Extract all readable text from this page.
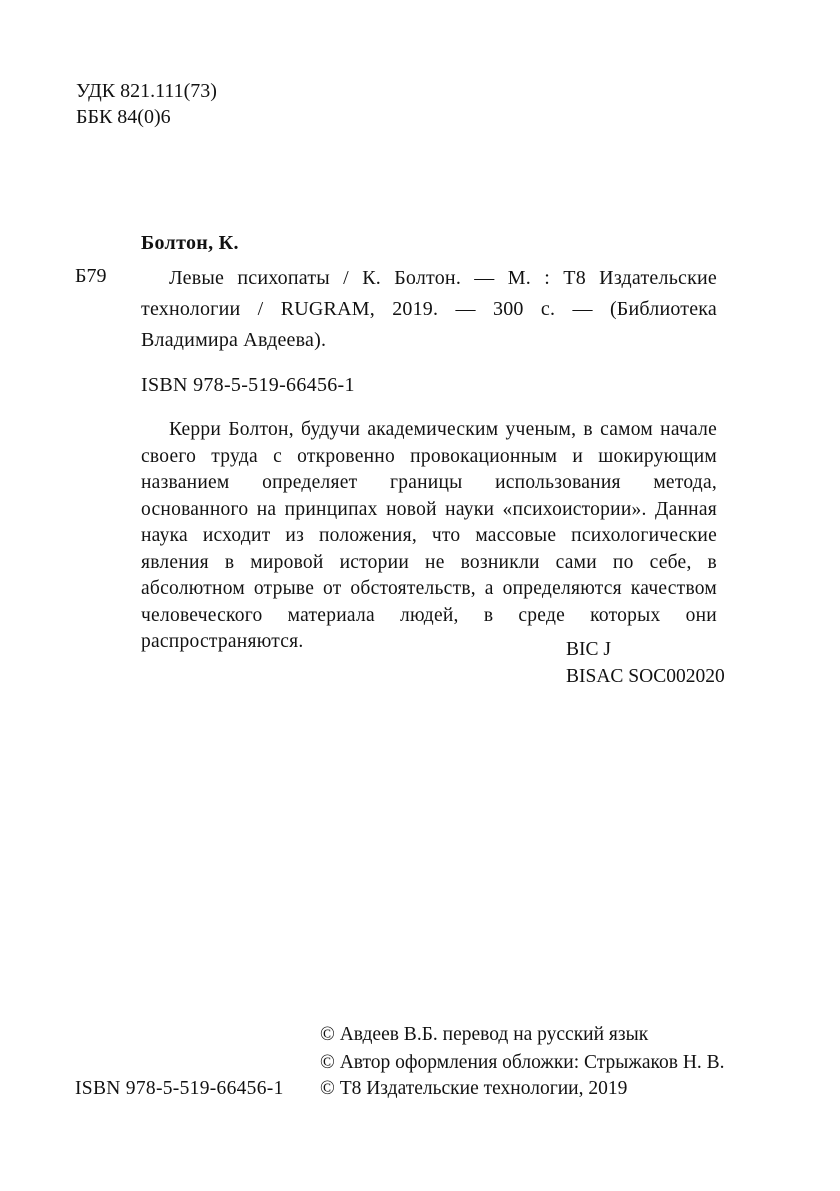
УДК 821.111(73)
ББК 84(0)6
Болтон, К.
Б79	Левые психопаты / К. Болтон. — М. : Т8 Издательские технологии / RUGRAM, 2019. — 300 с. — (Библиотека Владимира Авдеева).
ISBN 978-5-519-66456-1
Керри Болтон, будучи академическим ученым, в самом начале своего труда с откровенно провокационным и шокирующим названием определяет границы использования метода, основанного на принципах новой науки «психоистории». Данная наука исходит из положения, что массовые психологические явления в мировой истории не возникли сами по себе, в абсолютном отрыве от обстоятельств, а определяются качеством человеческого материала людей, в среде которых они распространяются.	BIC J
BISAC SOC002020
© Авдеев В.Б. перевод на русский язык
© Автор оформления обложки: Стрыжаков Н. В.
ISBN 978-5-519-66456-1 © Т8 Издательские технологии, 2019
